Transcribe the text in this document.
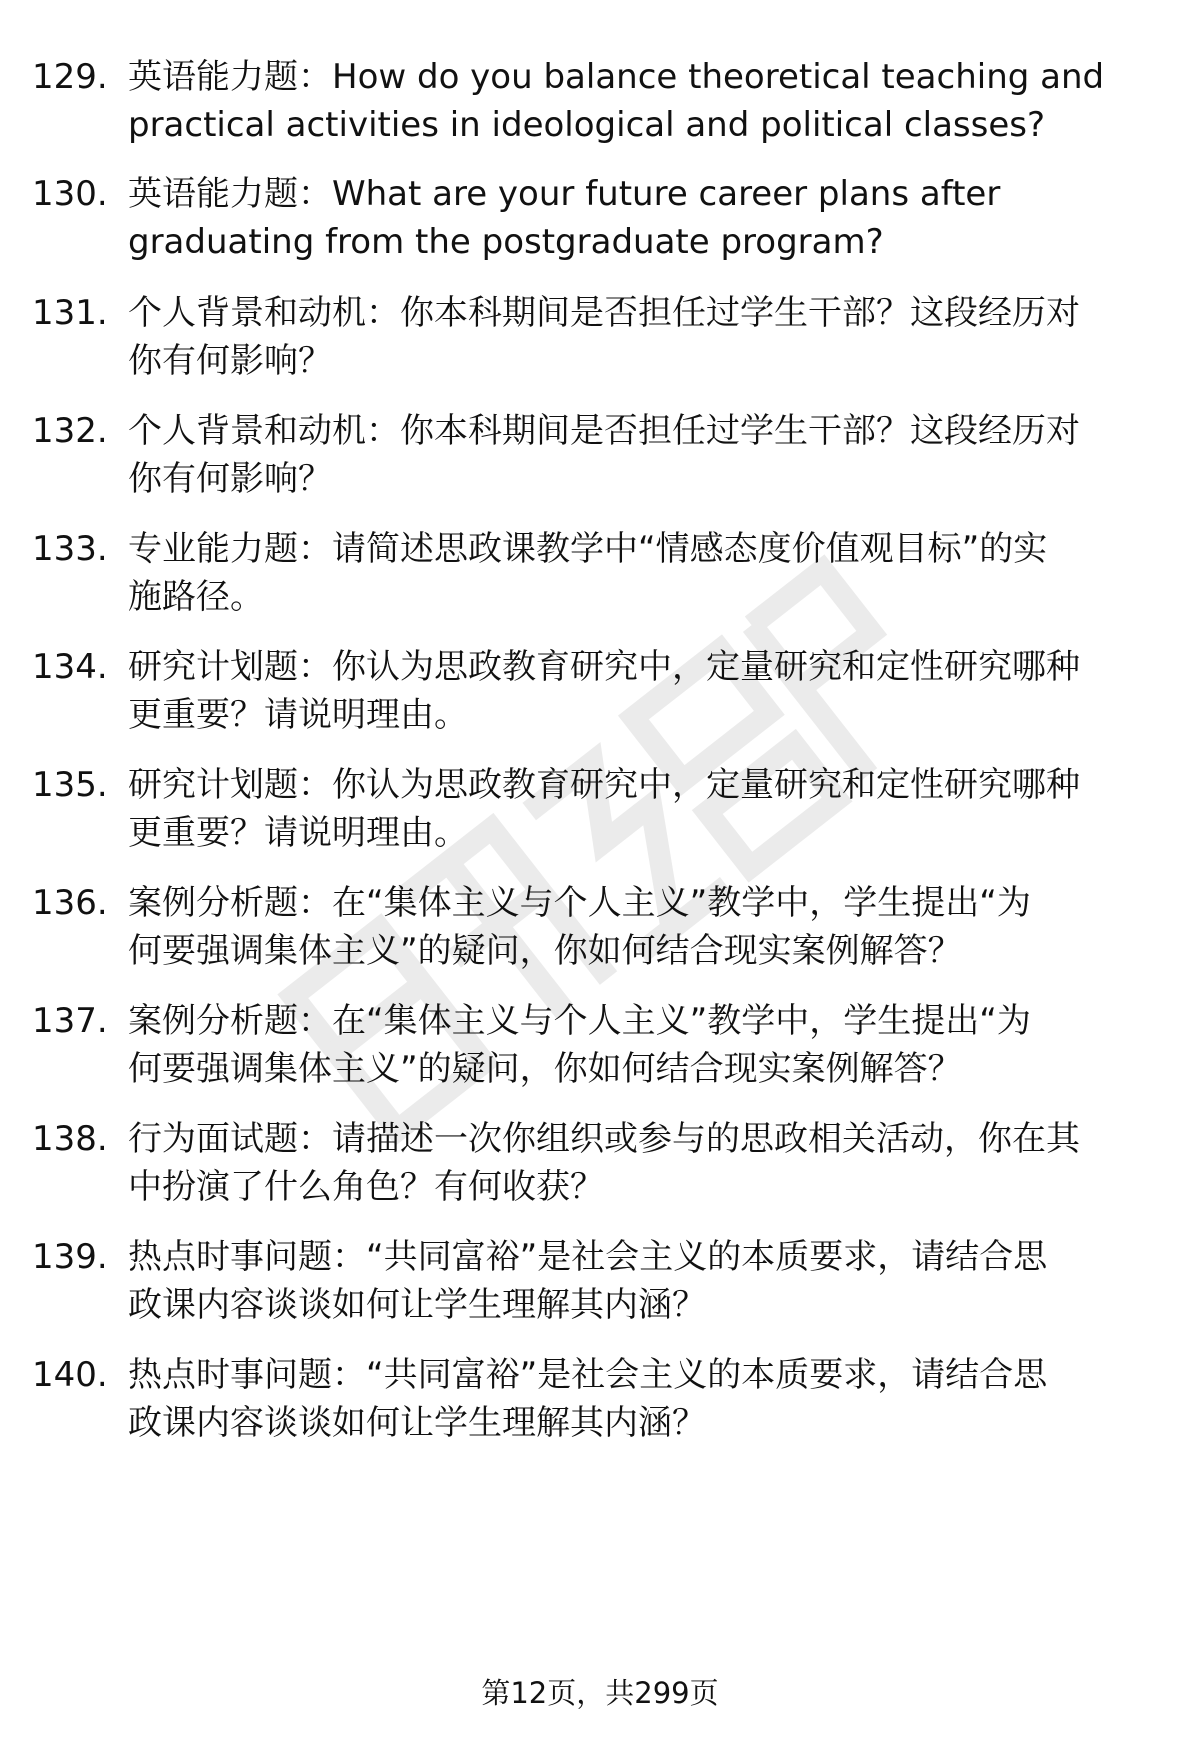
129. 英语能力题：How do you balance theoretical teaching and
practical activities in ideological and political classes?
130. 英语能力题：What are your future career plans after
graduating from the postgraduate program?
131. 个人背景和动机：你本科期间是否担任过学生干部？这段经历对
你有何影响？
132. 个人背景和动机：你本科期间是否担任过学生干部？这段经历对
你有何影响？
133. 专业能力题：请简述思政课教学中“情感态度价值观目标”的实
施路径。
134. 研究计划题：你认为思政教育研究中，定量研究和定性研究哪种
更重要？请说明理由。
135. 研究计划题：你认为思政教育研究中，定量研究和定性研究哪种
更重要？请说明理由。
136. 案例分析题：在“集体主义与个人主义”教学中，学生提出“为
何要强调集体主义”的疑问，你如何结合现实案例解答？
137. 案例分析题：在“集体主义与个人主义”教学中，学生提出“为
何要强调集体主义”的疑问，你如何结合现实案例解答？
138. 行为面试题：请描述一次你组织或参与的思政相关活动，你在其
中扮演了什么角色？有何收获？
139. 热点时事问题：“共同富裕”是社会主义的本质要求，请结合思
政课内容谈谈如何让学生理解其内涵？
140. 热点时事问题：“共同富裕”是社会主义的本质要求，请结合思
政课内容谈谈如何让学生理解其内涵？
第12页，共299页
